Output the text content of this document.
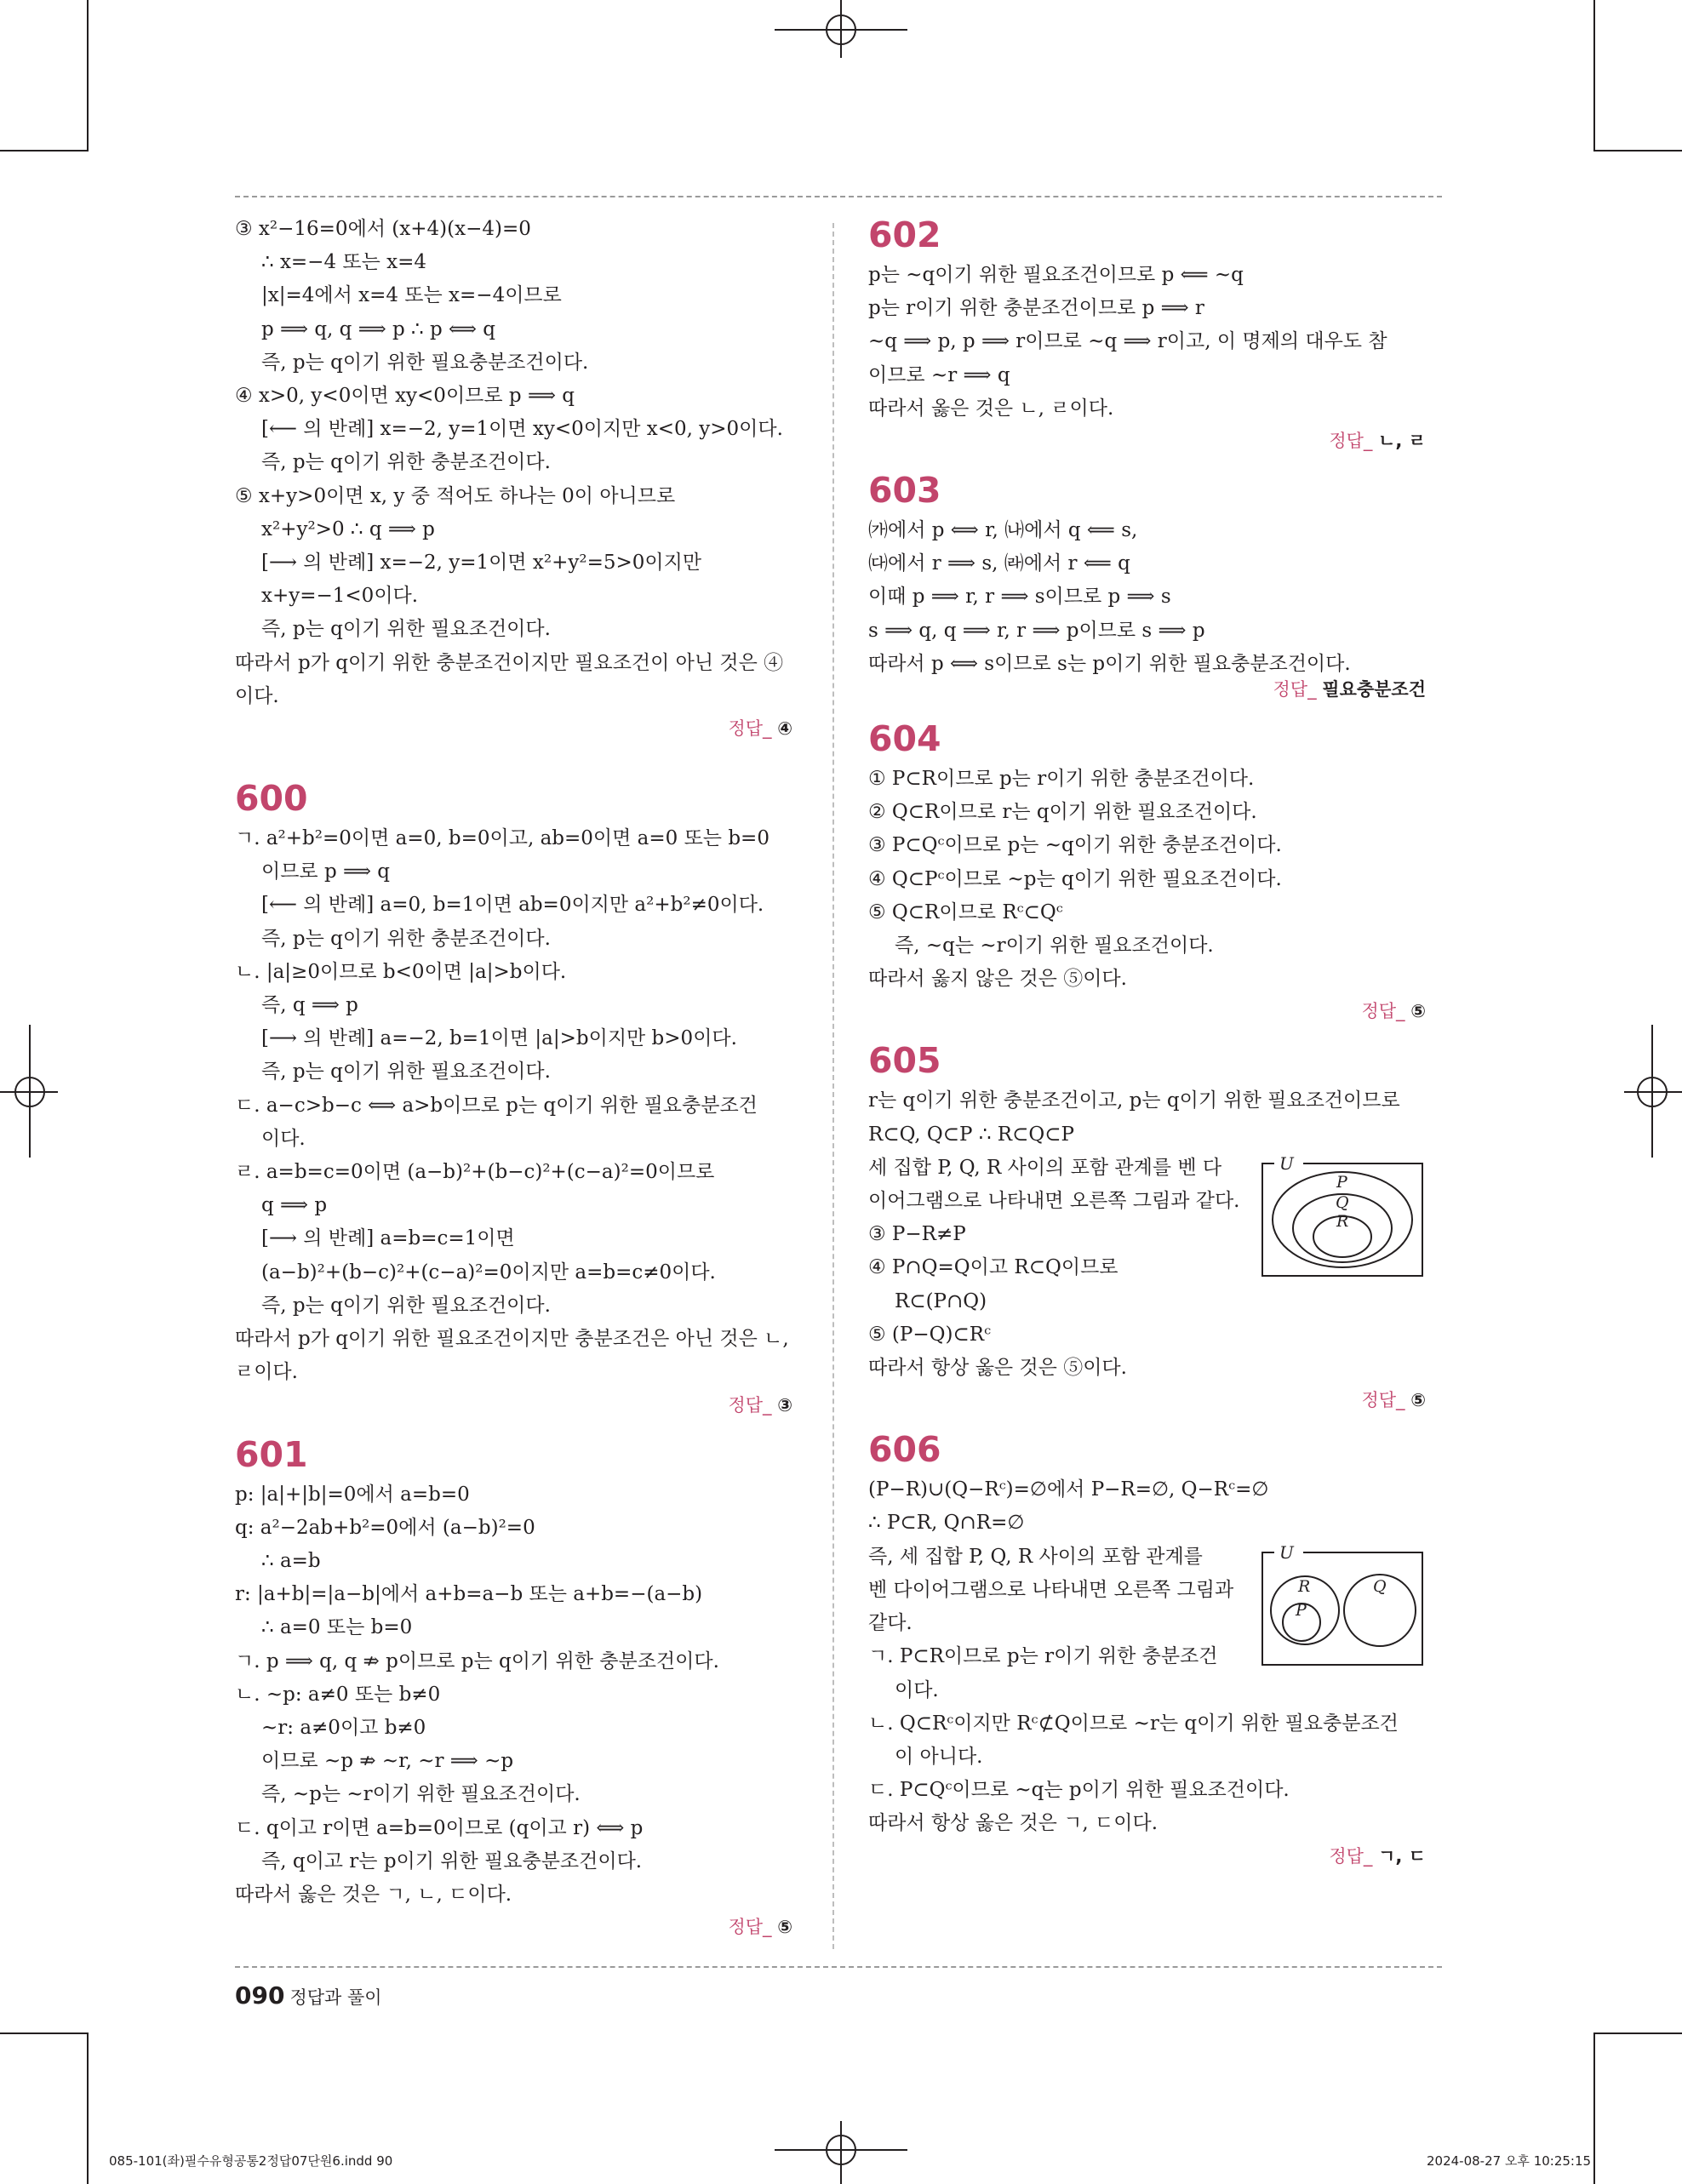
③ x²−16=0에서 (x+4)(x−4)=0
∴ x=−4 또는 x=4
|x|=4에서 x=4 또는 x=−4이므로
p ⟹ q, q ⟹ p ∴ p ⟺ q
즉, p는 q이기 위한 필요충분조건이다.
④ x>0, y<0이면 xy<0이므로 p ⟹ q
[⟵ 의 반례] x=−2, y=1이면 xy<0이지만 x<0, y>0이다.
즉, p는 q이기 위한 충분조건이다.
⑤ x+y>0이면 x, y 중 적어도 하나는 0이 아니므로
x²+y²>0 ∴ q ⟹ p
[⟶ 의 반례] x=−2, y=1이면 x²+y²=5>0이지만
x+y=−1<0이다.
즉, p는 q이기 위한 필요조건이다.
따라서 p가 q이기 위한 충분조건이지만 필요조건이 아닌 것은 ④
이다.
정답_ ④
600
ㄱ. a²+b²=0이면 a=0, b=0이고, ab=0이면 a=0 또는 b=0
이므로 p ⟹ q
[⟵ 의 반례] a=0, b=1이면 ab=0이지만 a²+b²≠0이다.
즉, p는 q이기 위한 충분조건이다.
ㄴ. |a|≥0이므로 b<0이면 |a|>b이다.
즉, q ⟹ p
[⟶ 의 반례] a=−2, b=1이면 |a|>b이지만 b>0이다.
즉, p는 q이기 위한 필요조건이다.
ㄷ. a−c>b−c ⟺ a>b이므로 p는 q이기 위한 필요충분조건
이다.
ㄹ. a=b=c=0이면 (a−b)²+(b−c)²+(c−a)²=0이므로
q ⟹ p
[⟶ 의 반례] a=b=c=1이면
(a−b)²+(b−c)²+(c−a)²=0이지만 a=b=c≠0이다.
즉, p는 q이기 위한 필요조건이다.
따라서 p가 q이기 위한 필요조건이지만 충분조건은 아닌 것은 ㄴ,
ㄹ이다.
정답_ ③
601
p: |a|+|b|=0에서 a=b=0
q: a²−2ab+b²=0에서 (a−b)²=0
∴ a=b
r: |a+b|=|a−b|에서 a+b=a−b 또는 a+b=−(a−b)
∴ a=0 또는 b=0
ㄱ. p ⟹ q, q ⇏ p이므로 p는 q이기 위한 충분조건이다.
ㄴ. ~p: a≠0 또는 b≠0
~r: a≠0이고 b≠0
이므로 ~p ⇏ ~r, ~r ⟹ ~p
즉, ~p는 ~r이기 위한 필요조건이다.
ㄷ. q이고 r이면 a=b=0이므로 (q이고 r) ⟺ p
즉, q이고 r는 p이기 위한 필요충분조건이다.
따라서 옳은 것은 ㄱ, ㄴ, ㄷ이다.
정답_ ⑤
602
p는 ~q이기 위한 필요조건이므로 p ⟸ ~q
p는 r이기 위한 충분조건이므로 p ⟹ r
~q ⟹ p, p ⟹ r이므로 ~q ⟹ r이고, 이 명제의 대우도 참
이므로 ~r ⟹ q
따라서 옳은 것은 ㄴ, ㄹ이다.
정답_ ㄴ, ㄹ
603
㈎에서 p ⟺ r, ㈏에서 q ⟸ s,
㈐에서 r ⟹ s, ㈑에서 r ⟸ q
이때 p ⟹ r, r ⟹ s이므로 p ⟹ s
s ⟹ q, q ⟹ r, r ⟹ p이므로 s ⟹ p
따라서 p ⟺ s이므로 s는 p이기 위한 필요충분조건이다.
정답_ 필요충분조건
604
① P⊂R이므로 p는 r이기 위한 충분조건이다.
② Q⊂R이므로 r는 q이기 위한 필요조건이다.
③ P⊂Qᶜ이므로 p는 ~q이기 위한 충분조건이다.
④ Q⊂Pᶜ이므로 ~p는 q이기 위한 필요조건이다.
⑤ Q⊂R이므로 Rᶜ⊂Qᶜ
즉, ~q는 ~r이기 위한 필요조건이다.
따라서 옳지 않은 것은 ⑤이다.
정답_ ⑤
605
r는 q이기 위한 충분조건이고, p는 q이기 위한 필요조건이므로
R⊂Q, Q⊂P ∴ R⊂Q⊂P
세 집합 P, Q, R 사이의 포함 관계를 벤 다
이어그램으로 나타내면 오른쪽 그림과 같다.
③ P−R≠P
④ P∩Q=Q이고 R⊂Q이므로
U
P
Q
R
R⊂(P∩Q)
⑤ (P−Q)⊂Rᶜ
따라서 항상 옳은 것은 ⑤이다.
정답_ ⑤
606
(P−R)∪(Q−Rᶜ)=∅에서 P−R=∅, Q−Rᶜ=∅
∴ P⊂R, Q∩R=∅
즉, 세 집합 P, Q, R 사이의 포함 관계를
벤 다이어그램으로 나타내면 오른쪽 그림과
같다.
ㄱ. P⊂R이므로 p는 r이기 위한 충분조건
U
R
P
Q
이다.
ㄴ. Q⊂Rᶜ이지만 Rᶜ⊄Q이므로 ~r는 q이기 위한 필요충분조건
이 아니다.
ㄷ. P⊂Qᶜ이므로 ~q는 p이기 위한 필요조건이다.
따라서 항상 옳은 것은 ㄱ, ㄷ이다.
정답_ ㄱ, ㄷ
090 정답과 풀이
085-101(좌)필수유형공통2정답07단원6.indd 90	2024-08-27 오후 10:25:15
